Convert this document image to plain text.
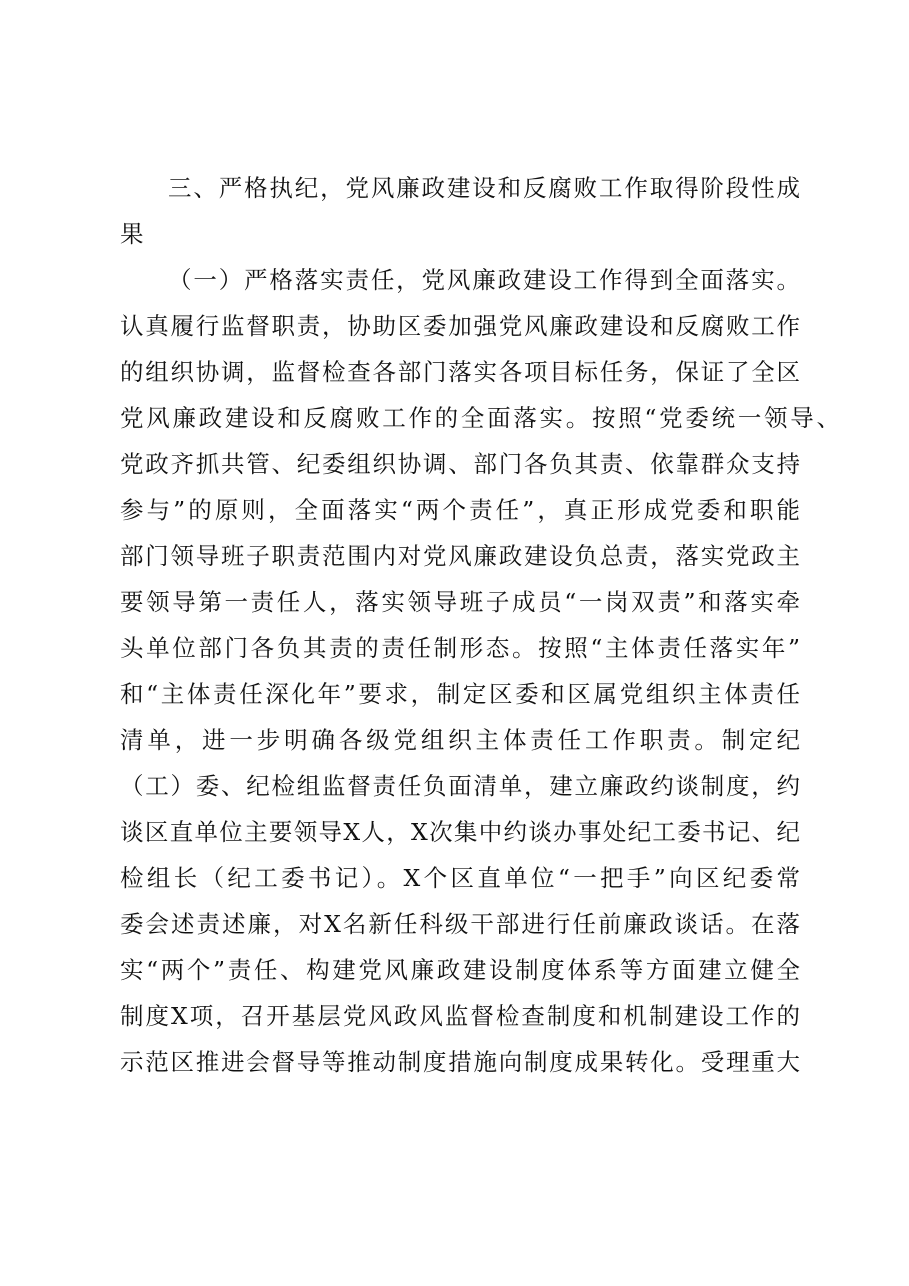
三、严格执纪，党风廉政建设和反腐败工作取得阶段性成
果
（一）严格落实责任，党风廉政建设工作得到全面落实。
认真履行监督职责，协助区委加强党风廉政建设和反腐败工作
的组织协调，监督检查各部门落实各项目标任务，保证了全区
党风廉政建设和反腐败工作的全面落实。按照“党委统一领导、
党政齐抓共管、纪委组织协调、部门各负其责、依靠群众支持
参与”的原则，全面落实“两个责任”，真正形成党委和职能
部门领导班子职责范围内对党风廉政建设负总责，落实党政主
要领导第一责任人，落实领导班子成员“一岗双责”和落实牵
头单位部门各负其责的责任制形态。按照“主体责任落实年”
和“主体责任深化年”要求，制定区委和区属党组织主体责任
清单，进一步明确各级党组织主体责任工作职责。制定纪
（工）委、纪检组监督责任负面清单，建立廉政约谈制度，约
谈区直单位主要领导X人，X次集中约谈办事处纪工委书记、纪
检组长（纪工委书记）。X个区直单位“一把手”向区纪委常
委会述责述廉，对X名新任科级干部进行任前廉政谈话。在落
实“两个”责任、构建党风廉政建设制度体系等方面建立健全
制度X项，召开基层党风政风监督检查制度和机制建设工作的
示范区推进会督导等推动制度措施向制度成果转化。受理重大
